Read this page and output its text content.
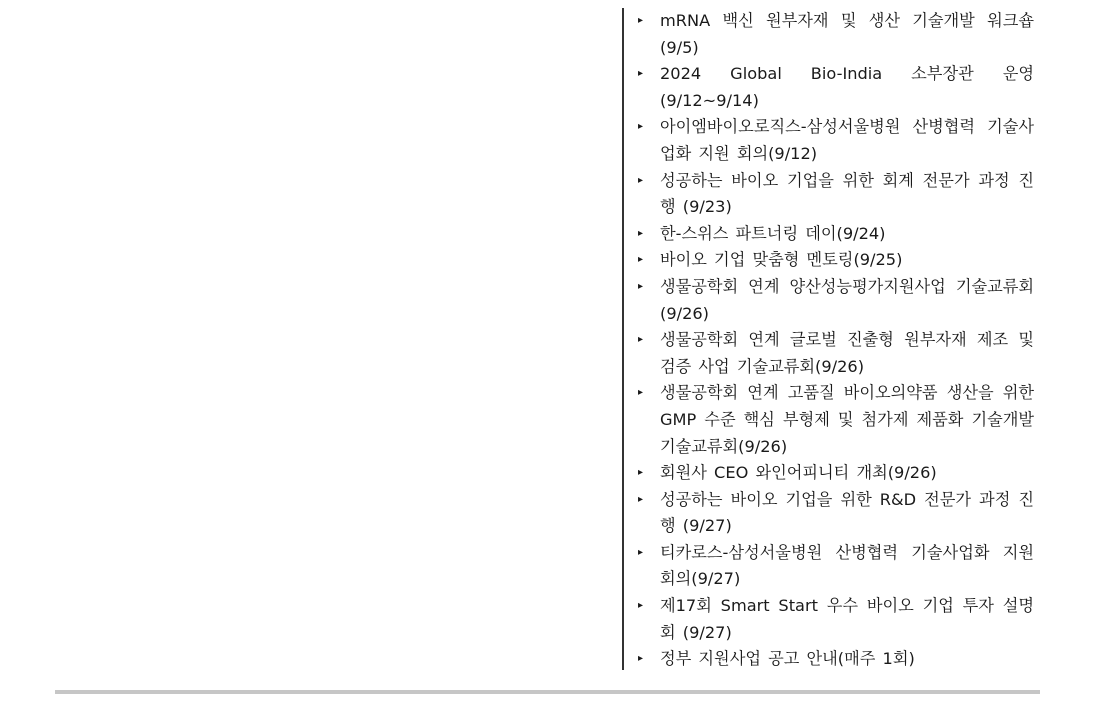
▸ mRNA 백신 원부자재 및 생산 기술개발 워크숍 (9/5)
▸ 2024 Global Bio-India 소부장관 운영 (9/12~9/14)
▸ 아이엠바이오로직스-삼성서울병원 산병협력 기술사업화 지원 회의(9/12)
▸ 성공하는 바이오 기업을 위한 회계 전문가 과정 진행 (9/23)
▸ 한-스위스 파트너링 데이(9/24)
▸ 바이오 기업 맞춤형 멘토링(9/25)
▸ 생물공학회 연계 양산성능평가지원사업 기술교류회 (9/26)
▸ 생물공학회 연계 글로벌 진출형 원부자재 제조 및 검증 사업 기술교류회(9/26)
▸ 생물공학회 연계 고품질 바이오의약품 생산을 위한 GMP 수준 핵심 부형제 및 첨가제 제품화 기술개발 기술교류회(9/26)
▸ 회원사 CEO 와인어피니티 개최(9/26)
▸ 성공하는 바이오 기업을 위한 R&D 전문가 과정 진행 (9/27)
▸ 티카로스-삼성서울병원 산병협력 기술사업화 지원 회의(9/27)
▸ 제17회 Smart Start 우수 바이오 기업 투자 설명회 (9/27)
▸ 정부 지원사업 공고 안내(매주 1회)
